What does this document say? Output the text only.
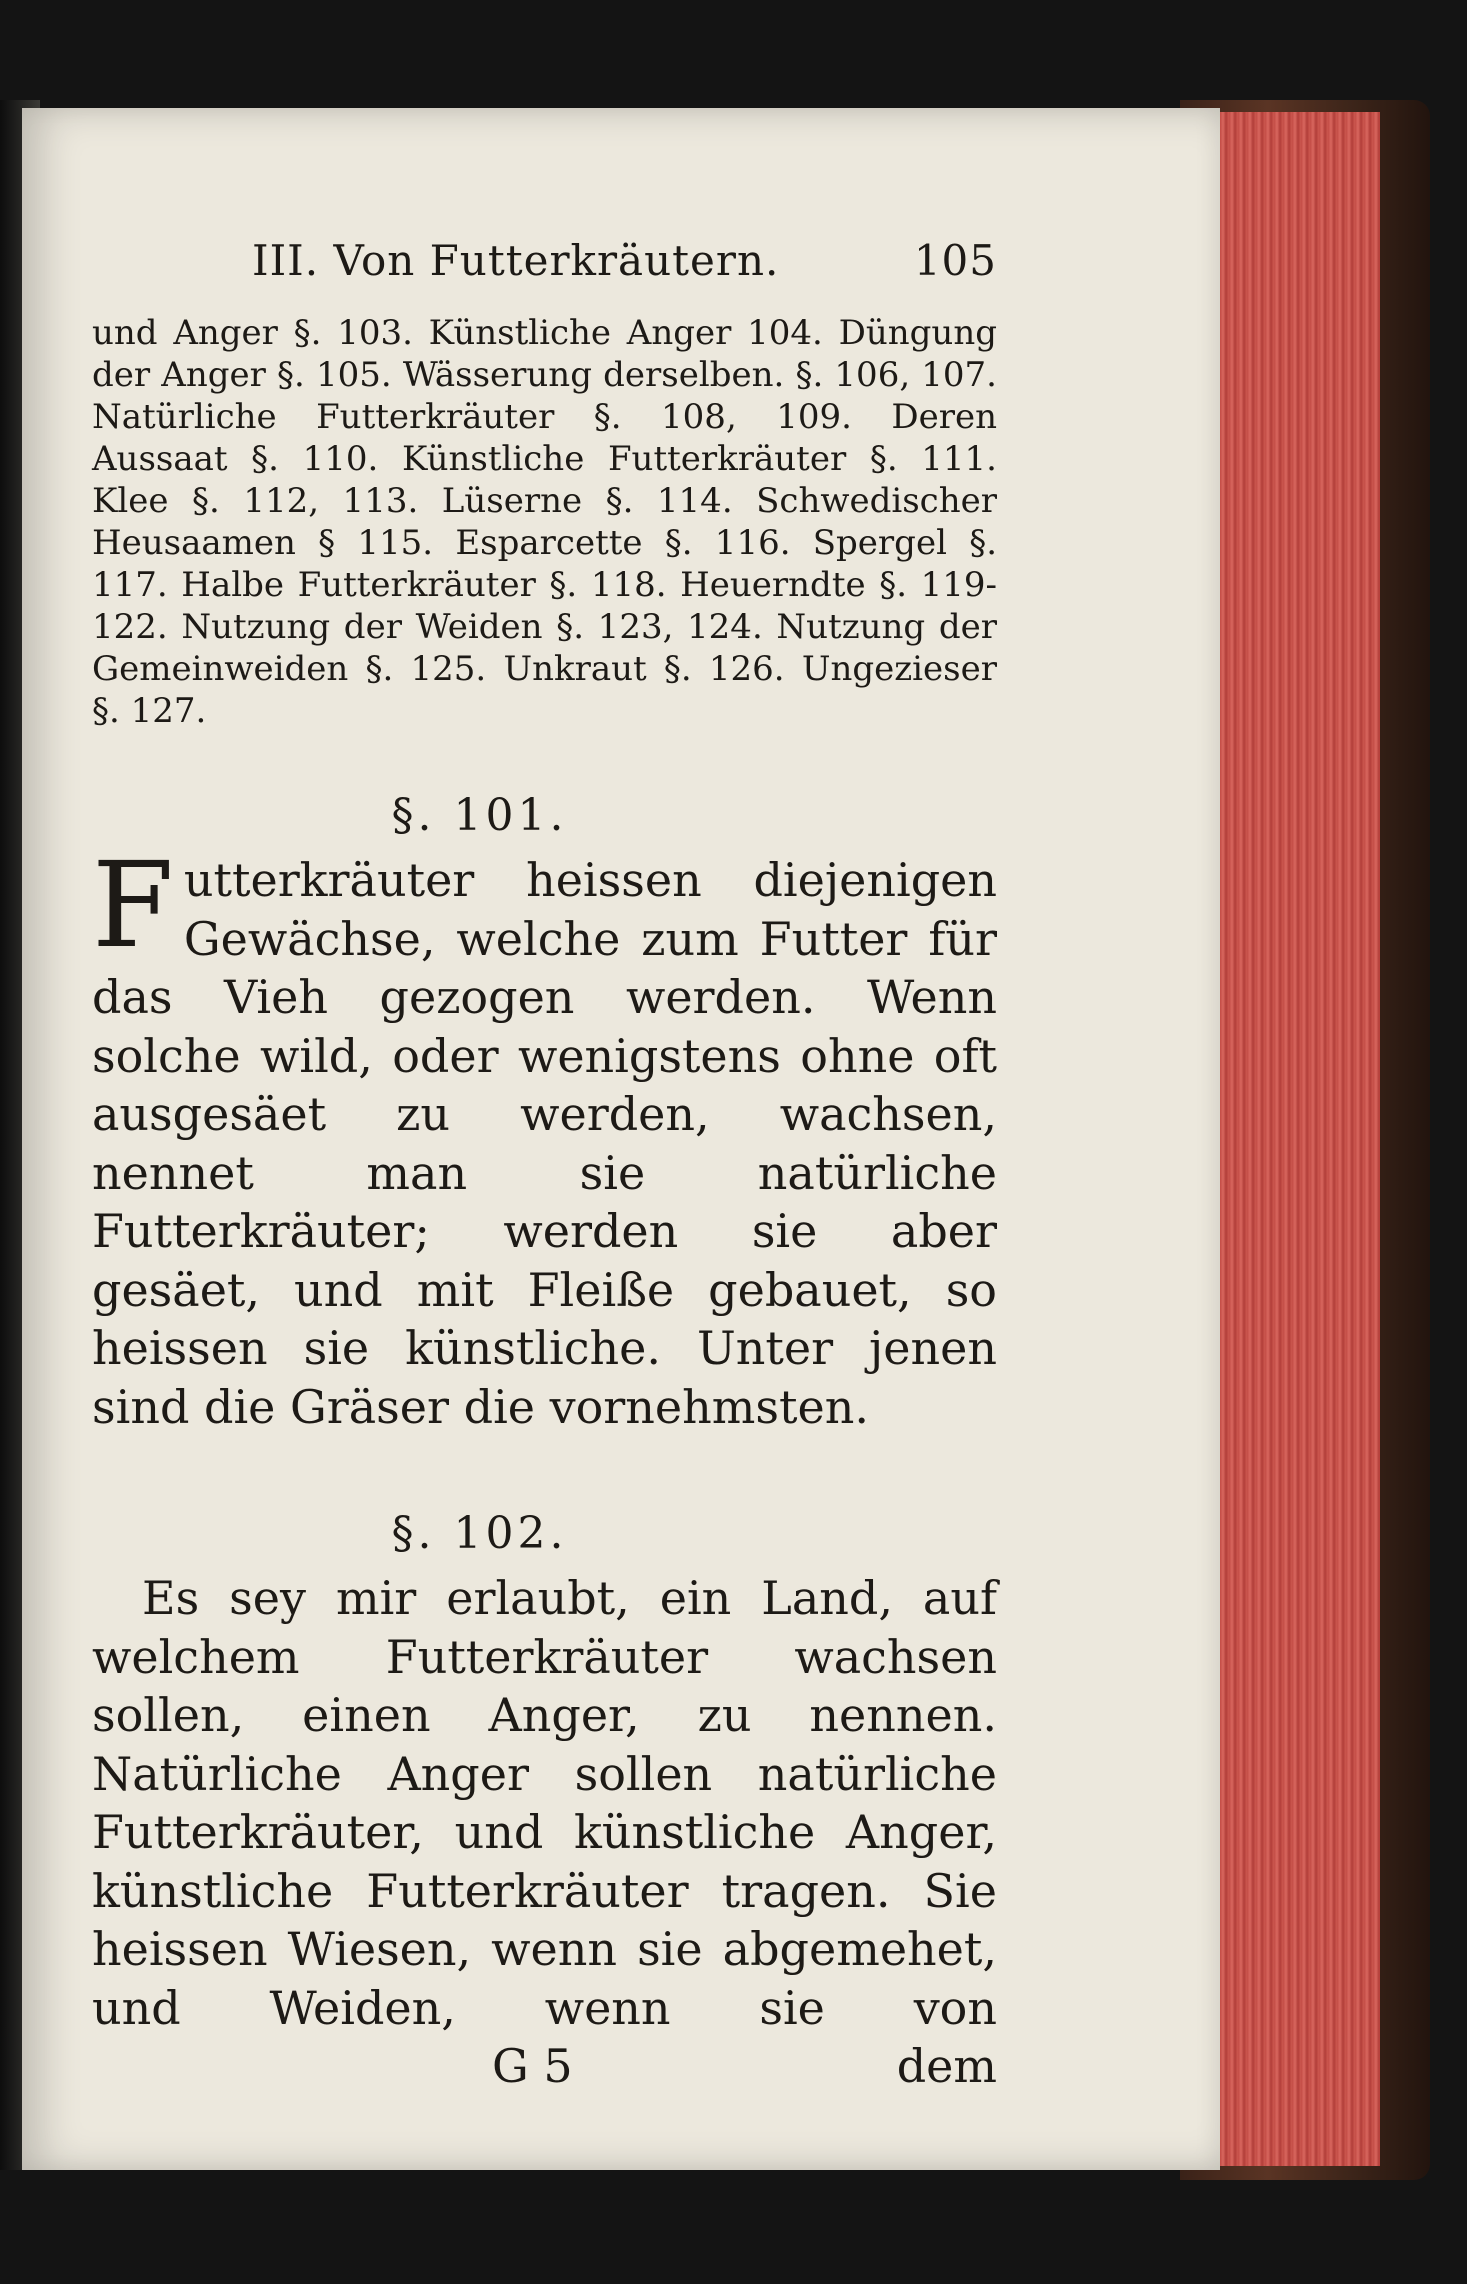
III. Von Futterkräutern.	105
und Anger §. 103. Künstliche Anger 104. Düngung der Anger §. 105. Wässerung derselben. §. 106, 107. Natürliche Futterkräuter §. 108, 109. Deren Aussaat §. 110. Künstliche Futterkräuter §. 111. Klee §. 112, 113. Lüserne §. 114. Schwedischer Heusaamen § 115. Esparcette §. 116. Spergel §. 117. Halbe Futterkräuter §. 118. Heuerndte §. 119-122. Nutzung der Weiden §. 123, 124. Nutzung der Gemeinweiden §. 125. Unkraut §. 126. Ungezieser §. 127.
§. 101.
F utterkräuter heissen diejenigen Gewächse, welche zum Futter für das Vieh gezogen werden. Wenn solche wild, oder wenigstens ohne oft ausgesäet zu werden, wachsen, nennet man sie natürliche Futterkräuter; werden sie aber gesäet, und mit Fleiße gebauet, so heissen sie künstliche. Unter jenen sind die Gräser die vornehmsten.
§. 102.
Es sey mir erlaubt, ein Land, auf welchem Futterkräuter wachsen sollen, einen Anger, zu nennen. Natürliche Anger sollen natürliche Futterkräuter, und künstliche Anger, künstliche Futterkräuter tragen. Sie heissen Wiesen, wenn sie abgemehet, und Weiden, wenn sie von
G 5	dem
